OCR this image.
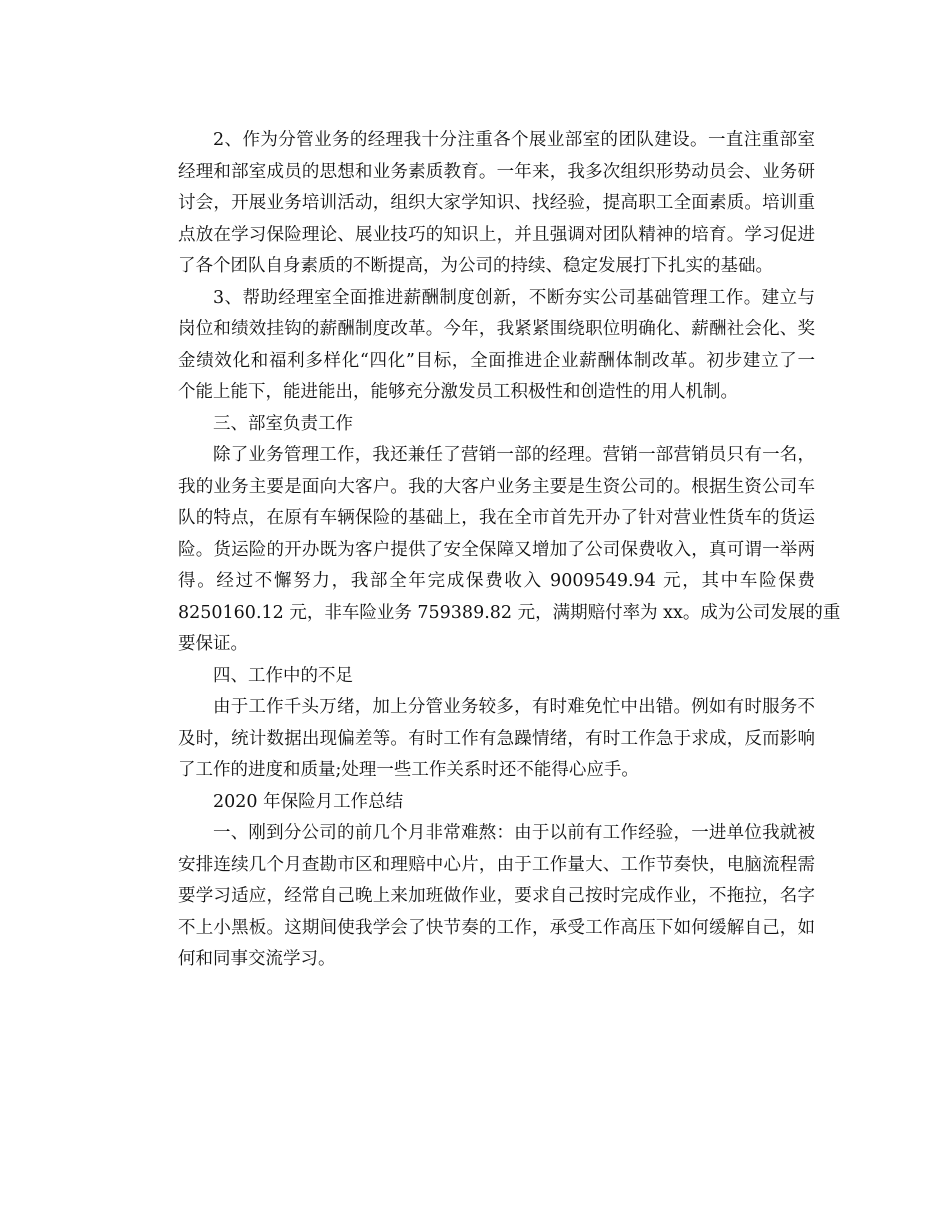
2、作为分管业务的经理我十分注重各个展业部室的团队建设。一直注重部室
经理和部室成员的思想和业务素质教育。一年来，我多次组织形势动员会、业务研
讨会，开展业务培训活动，组织大家学知识、找经验，提高职工全面素质。培训重
点放在学习保险理论、展业技巧的知识上，并且强调对团队精神的培育。学习促进
了各个团队自身素质的不断提高，为公司的持续、稳定发展打下扎实的基础。
3、帮助经理室全面推进薪酬制度创新，不断夯实公司基础管理工作。建立与
岗位和绩效挂钩的薪酬制度改革。今年，我紧紧围绕职位明确化、薪酬社会化、奖
金绩效化和福利多样化“四化”目标，全面推进企业薪酬体制改革。初步建立了一
个能上能下，能进能出，能够充分激发员工积极性和创造性的用人机制。
三、部室负责工作
除了业务管理工作，我还兼任了营销一部的经理。营销一部营销员只有一名，
我的业务主要是面向大客户。我的大客户业务主要是生资公司的。根据生资公司车
队的特点，在原有车辆保险的基础上，我在全市首先开办了针对营业性货车的货运
险。货运险的开办既为客户提供了安全保障又增加了公司保费收入，真可谓一举两
得。经过不懈努力，我部全年完成保费收入 9009549.94 元，其中车险保费
8250160.12 元，非车险业务 759389.82 元，满期赔付率为 xx。成为公司发展的重
要保证。
四、工作中的不足
由于工作千头万绪，加上分管业务较多，有时难免忙中出错。例如有时服务不
及时，统计数据出现偏差等。有时工作有急躁情绪，有时工作急于求成，反而影响
了工作的进度和质量;处理一些工作关系时还不能得心应手。
2020 年保险月工作总结
一、刚到分公司的前几个月非常难熬：由于以前有工作经验，一进单位我就被
安排连续几个月查勘市区和理赔中心片，由于工作量大、工作节奏快，电脑流程需
要学习适应，经常自己晚上来加班做作业，要求自己按时完成作业，不拖拉，名字
不上小黑板。这期间使我学会了快节奏的工作，承受工作高压下如何缓解自己，如
何和同事交流学习。
